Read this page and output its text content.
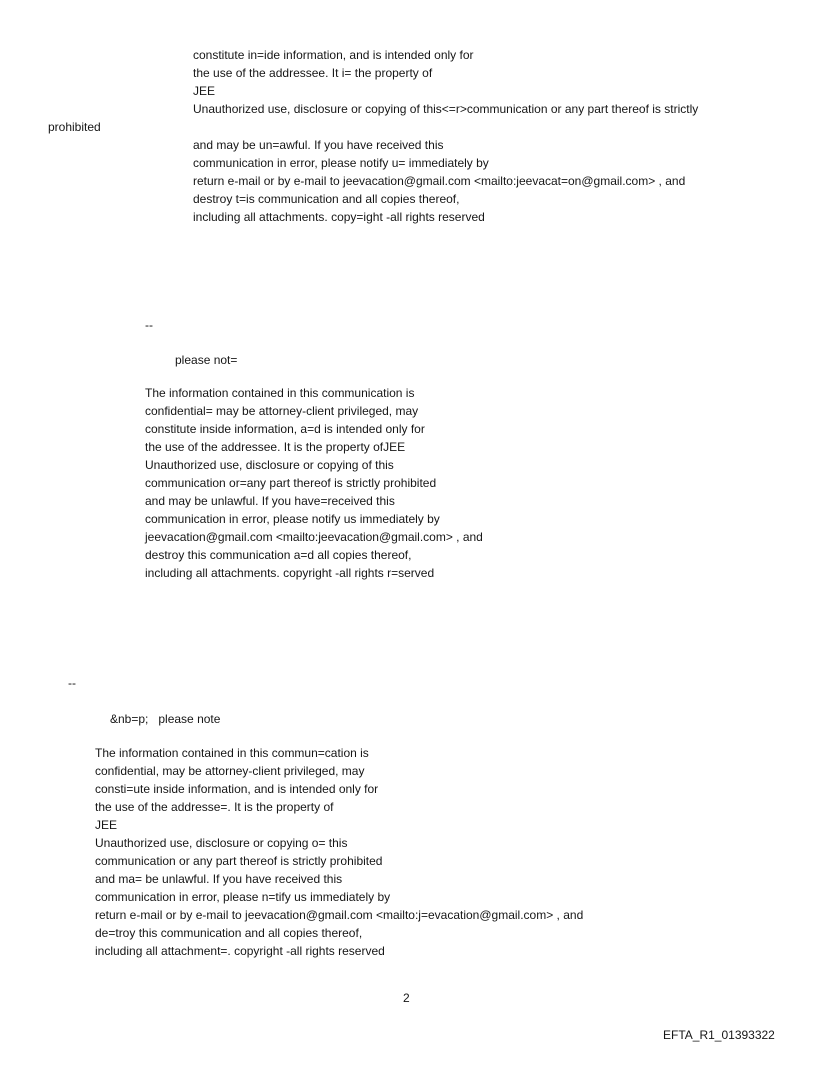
constitute in=ide information, and is intended only for
the use of the addressee. It i= the property of
JEE
Unauthorized use, disclosure or copying of this<=r>communication or any part thereof is strictly
prohibited
and may be un=awful. If you have received this
communication in error, please notify u= immediately by
return e-mail or by e-mail to jeevacation@gmail.com <mailto:jeevacat=on@gmail.com> , and
destroy t=is communication and all copies thereof,
including all attachments. copy=ight -all rights reserved
--
please not=
The information contained in this communication is
confidential= may be attorney-client privileged, may
constitute inside information, a=d is intended only for
the use of the addressee. It is the property ofJEE
Unauthorized use, disclosure or copying of this
communication or=any part thereof is strictly prohibited
and may be unlawful. If you have=received this
communication in error, please notify us immediately by
jeevacation@gmail.com <mailto:jeevacation@gmail.com> , and
destroy this communication a=d all copies thereof,
including all attachments. copyright -all rights r=served
--
&nb=p;   please note
The information contained in this commun=cation is
confidential, may be attorney-client privileged, may
consti=ute inside information, and is intended only for
the use of the addresse=. It is the property of
JEE
Unauthorized use, disclosure or copying o= this
communication or any part thereof is strictly prohibited
and ma= be unlawful. If you have received this
communication in error, please n=tify us immediately by
return e-mail or by e-mail to jeevacation@gmail.com <mailto:j=evacation@gmail.com> , and
de=troy this communication and all copies thereof,
including all attachment=. copyright -all rights reserved
2
EFTA_R1_01393322
